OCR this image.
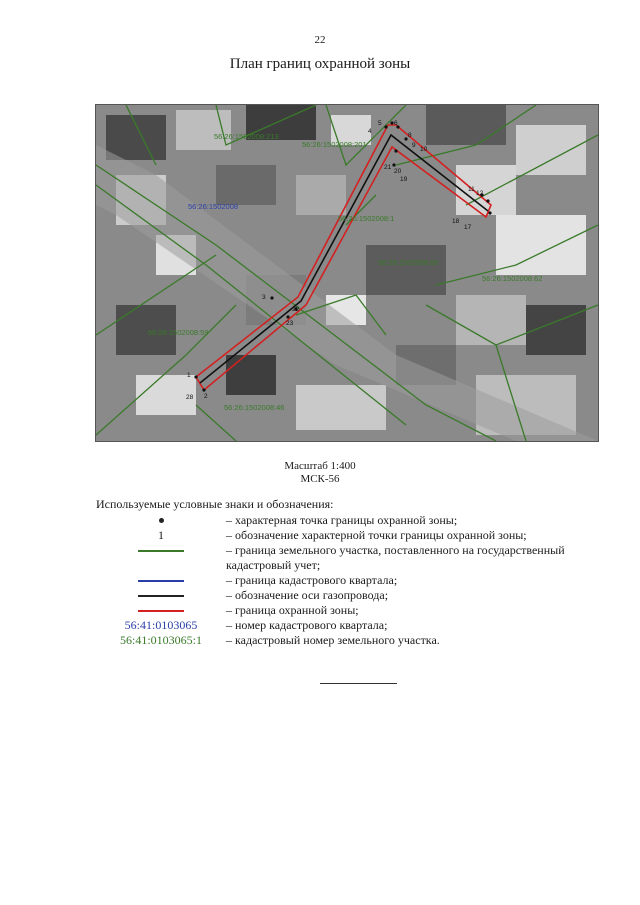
22
План границ охранной зоны
56:26:1502008:213
56:26:1502008:201
56:26:1502008
56:26:1502008:1
56:26:1502008:60
56:26:1502008:62
56:26:1502008:59
56:26:1502008:46
1
2
3
4
5 6
8
9
10
11
12
17
18
19
20
21
22
23
28
Масштаб 1:400
МСК-56
Используемые условные знаки и обозначения:
– характерная точка границы охранной зоны;
1	– обозначение характерной точки границы охранной зоны;
– граница земельного участка, поставленного на государственный кадастровый учет;
– граница кадастрового квартала;
– обозначение оси газопровода;
– граница охранной зоны;
56:41:0103065 – номер кадастрового квартала;
56:41:0103065:1 – кадастровый номер земельного участка.
